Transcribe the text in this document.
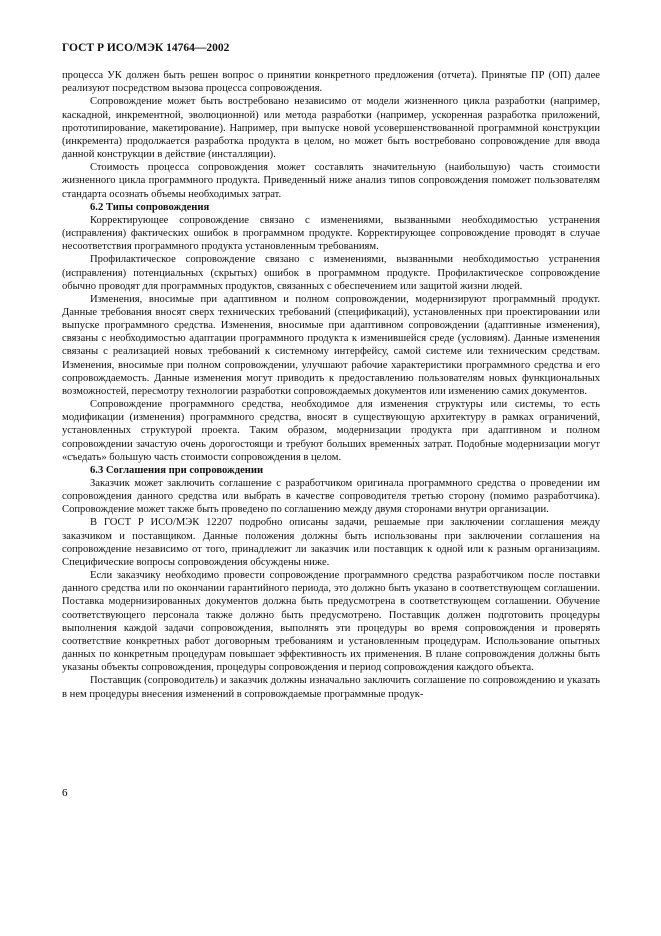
ГОСТ Р ИСО/МЭК 14764—2002

процесса УК должен быть решен вопрос о принятии конкретного предложения (отчета). Принятые ПР (ОП) далее реализуют посредством вызова процесса сопровождения.

Сопровождение может быть востребовано независимо от модели жизненного цикла разработки (например, каскадной, инкрементной, эволюционной) или метода разработки (например, ускоренная разработка приложений, прототипирование, макетирование). Например, при выпуске новой усовершенствованной программной конструкции (инкремента) продолжается разработка продукта в целом, но может быть востребовано сопровождение для ввода данной конструкции в действие (инсталляции).

Стоимость процесса сопровождения может составлять значительную (наибольшую) часть стоимости жизненного цикла программного продукта. Приведенный ниже анализ типов сопровождения поможет пользователям стандарта осознать объемы необходимых затрат.

6.2 Типы сопровождения

Корректирующее сопровождение связано с изменениями, вызванными необходимостью устранения (исправления) фактических ошибок в программном продукте. Корректирующее сопровождение проводят в случае несоответствия программного продукта установленным требованиям.

Профилактическое сопровождение связано с изменениями, вызванными необходимостью устранения (исправления) потенциальных (скрытых) ошибок в программном продукте. Профилактическое сопровождение обычно проводят для программных продуктов, связанных с обеспечением или защитой жизни людей.

Изменения, вносимые при адаптивном и полном сопровождении, модернизируют программный продукт. Данные требования вносят сверх технических требований (спецификаций), установленных при проектировании или выпуске программного средства. Изменения, вносимые при адаптивном сопровождении (адаптивные изменения), связаны с необходимостью адаптации программного продукта к изменившейся среде (условиям). Данные изменения связаны с реализацией новых требований к системному интерфейсу, самой системе или техническим средствам. Изменения, вносимые при полном сопровождении, улучшают рабочие характеристики программного средства и его сопровождаемость. Данные изменения могут приводить к предоставлению пользователям новых функциональных возможностей, пересмотру технологии разработки сопровождаемых документов или изменению самих документов.

Сопровождение программного средства, необходимое для изменения структуры или системы, то есть модификации (изменения) программного средства, вносят в существующую архитектуру в рамках ограничений, установленных структурой проекта. Таким образом, модернизации продукта при адаптивном и полном сопровождении зачастую очень дорогостоящи и требуют больших временны́х затрат. Подобные модернизации могут «съедать» большую часть стоимости сопровождения в целом.

6.3 Соглашения при сопровождении

Заказчик может заключить соглашение с разработчиком оригинала программного средства о проведении им сопровождения данного средства или выбрать в качестве сопроводителя третью сторону (помимо разработчика). Сопровождение может также быть проведено по соглашению между двумя сторонами внутри организации.

В ГОСТ Р ИСО/МЭК 12207 подробно описаны задачи, решаемые при заключении соглашения между заказчиком и поставщиком. Данные положения должны быть использованы при заключении соглашения на сопровождение независимо от того, принадлежит ли заказчик или поставщик к одной или к разным организациям. Специфические вопросы сопровождения обсуждены ниже.

Если заказчику необходимо провести сопровождение программного средства разработчиком после поставки данного средства или по окончании гарантийного периода, это должно быть указано в соответствующем соглашении. Поставка модернизированных документов должна быть предусмотрена в соответствующем соглашении. Обучение соответствующего персонала также должно быть предусмотрено. Поставщик должен подготовить процедуры выполнения каждой задачи сопровождения, выполнять эти процедуры во время сопровождения и проверять соответствие конкретных работ договорным требованиям и установленным процедурам. Использование опытных данных по конкретным процедурам повышает эффективность их применения. В плане сопровождения должны быть указаны объекты сопровождения, процедуры сопровождения и период сопровождения каждого объекта.

Поставщик (сопроводитель) и заказчик должны изначально заключить соглашение по сопровождению и указать в нем процедуры внесения изменений в сопровождаемые программные продук-

6
